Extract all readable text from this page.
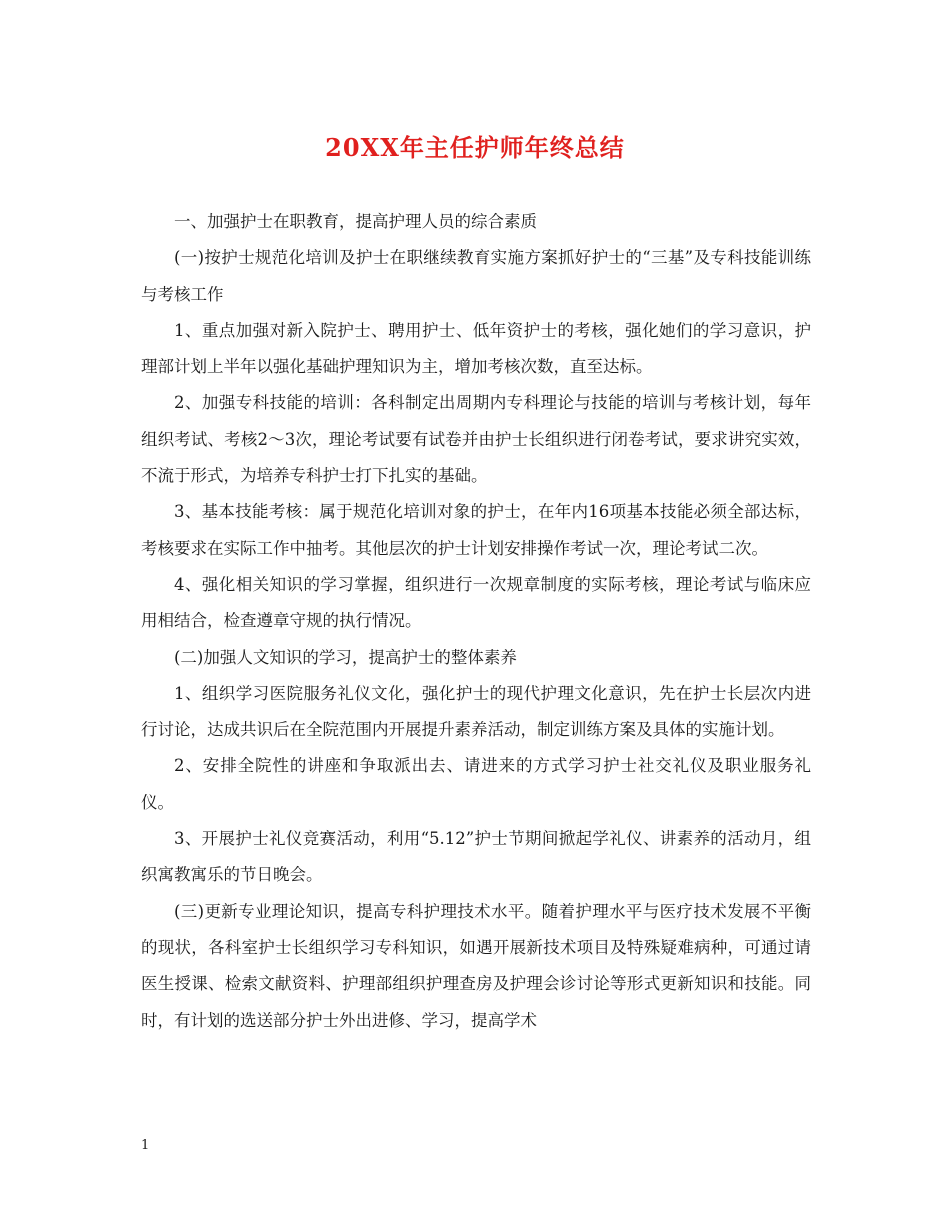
20XX年主任护师年终总结

一、加强护士在职教育，提高护理人员的综合素质

(一)按护士规范化培训及护士在职继续教育实施方案抓好护士的“三基”及专科技能训练与考核工作

1、重点加强对新入院护士、聘用护士、低年资护士的考核，强化她们的学习意识，护理部计划上半年以强化基础护理知识为主，增加考核次数，直至达标。

2、加强专科技能的培训：各科制定出周期内专科理论与技能的培训与考核计划，每年组织考试、考核2～3次，理论考试要有试卷并由护士长组织进行闭卷考试，要求讲究实效，不流于形式，为培养专科护士打下扎实的基础。

3、基本技能考核：属于规范化培训对象的护士，在年内16项基本技能必须全部达标，考核要求在实际工作中抽考。其他层次的护士计划安排操作考试一次，理论考试二次。

4、强化相关知识的学习掌握，组织进行一次规章制度的实际考核，理论考试与临床应用相结合，检查遵章守规的执行情况。

(二)加强人文知识的学习，提高护士的整体素养

1、组织学习医院服务礼仪文化，强化护士的现代护理文化意识，先在护士长层次内进行讨论，达成共识后在全院范围内开展提升素养活动，制定训练方案及具体的实施计划。

2、安排全院性的讲座和争取派出去、请进来的方式学习护士社交礼仪及职业服务礼仪。

3、开展护士礼仪竞赛活动，利用“5.12”护士节期间掀起学礼仪、讲素养的活动月，组织寓教寓乐的节日晚会。

(三)更新专业理论知识，提高专科护理技术水平。随着护理水平与医疗技术发展不平衡的现状，各科室护士长组织学习专科知识，如遇开展新技术项目及特殊疑难病种，可通过请医生授课、检索文献资料、护理部组织护理查房及护理会诊讨论等形式更新知识和技能。同时，有计划的选送部分护士外出进修、学习，提高学术

1
